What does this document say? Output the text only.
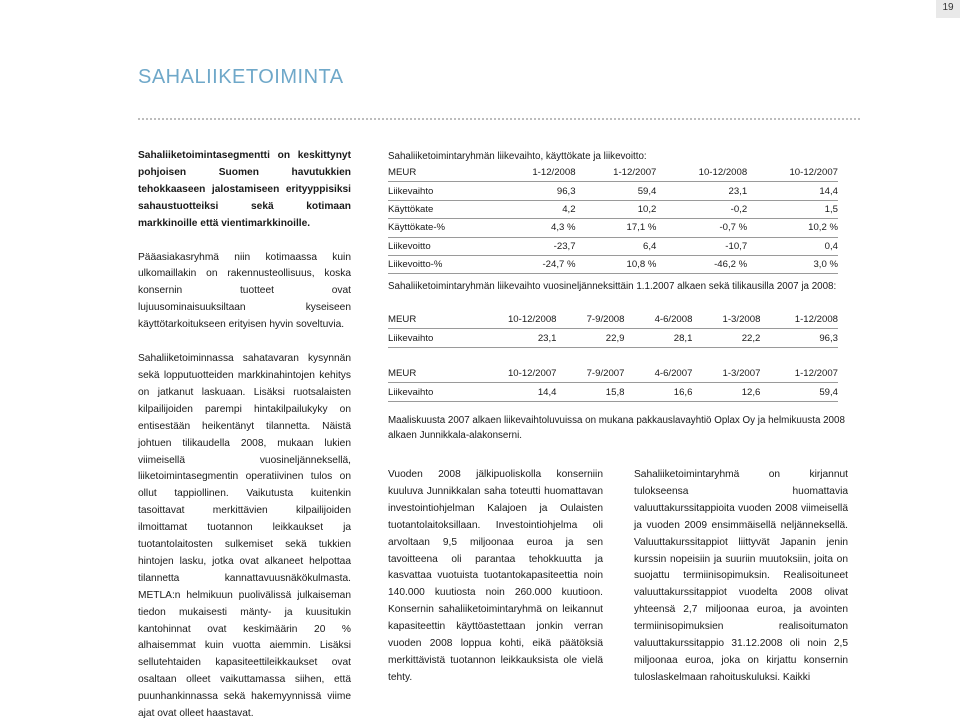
19
SAHALIIKETOIMINTA

Sahaliiketoimintasegmentti on keskittynyt pohjoisen Suomen havutukkien tehokkaaseen jalostamiseen erityyppisiksi sahaustuotteiksi sekä kotimaan markkinoille että vientimarkkinoille.

Pääasiakasryhmä niin kotimaassa kuin ulkomaillakin on rakennusteollisuus, koska konsernin tuotteet ovat lujuusominaisuuksiltaan kyseiseen käyttötarkoitukseen erityisen hyvin soveltuvia.

Sahaliiketoiminnassa sahatavaran kysynnän sekä lopputuotteiden markkinahintojen kehitys on jatkanut laskuaan. Lisäksi ruotsalaisten kilpailijoiden parempi hintakilpailukyky on entisestään heikentänyt tilannetta. Näistä johtuen tilikaudella 2008, mukaan lukien viimeisellä vuosineljänneksellä, liiketoimintasegmentin operatiivinen tulos on ollut tappiollinen. Vaikutusta kuitenkin tasoittavat merkittävien kilpailijoiden ilmoittamat tuotannon leikkaukset ja tuotantolaitosten sulkemiset sekä tukkien hintojen lasku, jotka ovat alkaneet helpottaa tilannetta kannattavuusnäkökulmasta. METLA:n helmikuun puolivälissä julkaiseman tiedon mukaisesti mänty- ja kuusitukin kantohinnat ovat keskimäärin 20 % alhaisemmat kuin vuotta aiemmin. Lisäksi sellutehtaiden kapasiteettileikkaukset ovat osaltaan olleet vaikuttamassa siihen, että puunhankinnassa sekä hakemyynnissä viime ajat ovat olleet haastavat.

Sahaliiketoimintaryhmän liikevaihto, käyttökate ja liikevoitto:

MEUR	1-12/2008	1-12/2007	10-12/2008	10-12/2007
Liikevaihto	96,3	59,4	23,1	14,4
Käyttökate	4,2	10,2	-0,2	1,5
Käyttökate-%	4,3 %	17,1 %	-0,7 %	10,2 %
Liikevoitto	-23,7	6,4	-10,7	0,4
Liikevoitto-%	-24,7 %	10,8 %	-46,2 %	3,0 %

Sahaliiketoimintaryhmän liikevaihto vuosineljänneksittäin 1.1.2007 alkaen sekä tilikausilla 2007 ja 2008:

MEUR	10-12/2008	7-9/2008	4-6/2008	1-3/2008	1-12/2008
Liikevaihto	23,1	22,9	28,1	22,2	96,3
MEUR	10-12/2007	7-9/2007	4-6/2007	1-3/2007	1-12/2007
Liikevaihto	14,4	15,8	16,6	12,6	59,4

Maaliskuusta 2007 alkaen liikevaihtoluvuissa on mukana pakkauslavayhtiö Oplax Oy ja helmikuusta 2008 alkaen Junnikkala-alakonserni.

Vuoden 2008 jälkipuoliskolla konserniin kuuluva Junnikkalan saha toteutti huomattavan investointiohjelman Kalajoen ja Oulaisten tuotantolaitoksillaan. Investointiohjelma oli arvoltaan 9,5 miljoonaa euroa ja sen tavoitteena oli parantaa tehokkuutta ja kasvattaa vuotuista tuotantokapasiteettia noin 140.000 kuutiosta noin 260.000 kuutioon. Konsernin sahaliiketoimintaryhmä on leikannut kapasiteettin käyttöastettaan jonkin verran vuoden 2008 loppua kohti, eikä päätöksiä merkittävistä tuotannon leikkauksista ole vielä tehty.

Sahaliiketoimintaryhmä on kirjannut tulokseensa huomattavia valuuttakurssitappioita vuoden 2008 viimeisellä ja vuoden 2009 ensimmäisellä neljänneksellä. Valuuttakurssitappiot liittyvät Japanin jenin kurssin nopeisiin ja suuriin muutoksiin, joita on suojattu termiinisopimuksin. Realisoituneet valuuttakurssitappiot vuodelta 2008 olivat yhteensä 2,7 miljoonaa euroa, ja avointen termiinisopimuksien realisoitumaton valuuttakurssitappio 31.12.2008 oli noin 2,5 miljoonaa euroa, joka on kirjattu konsernin tuloslaskelmaan rahoituskuluksi. Kaikki
